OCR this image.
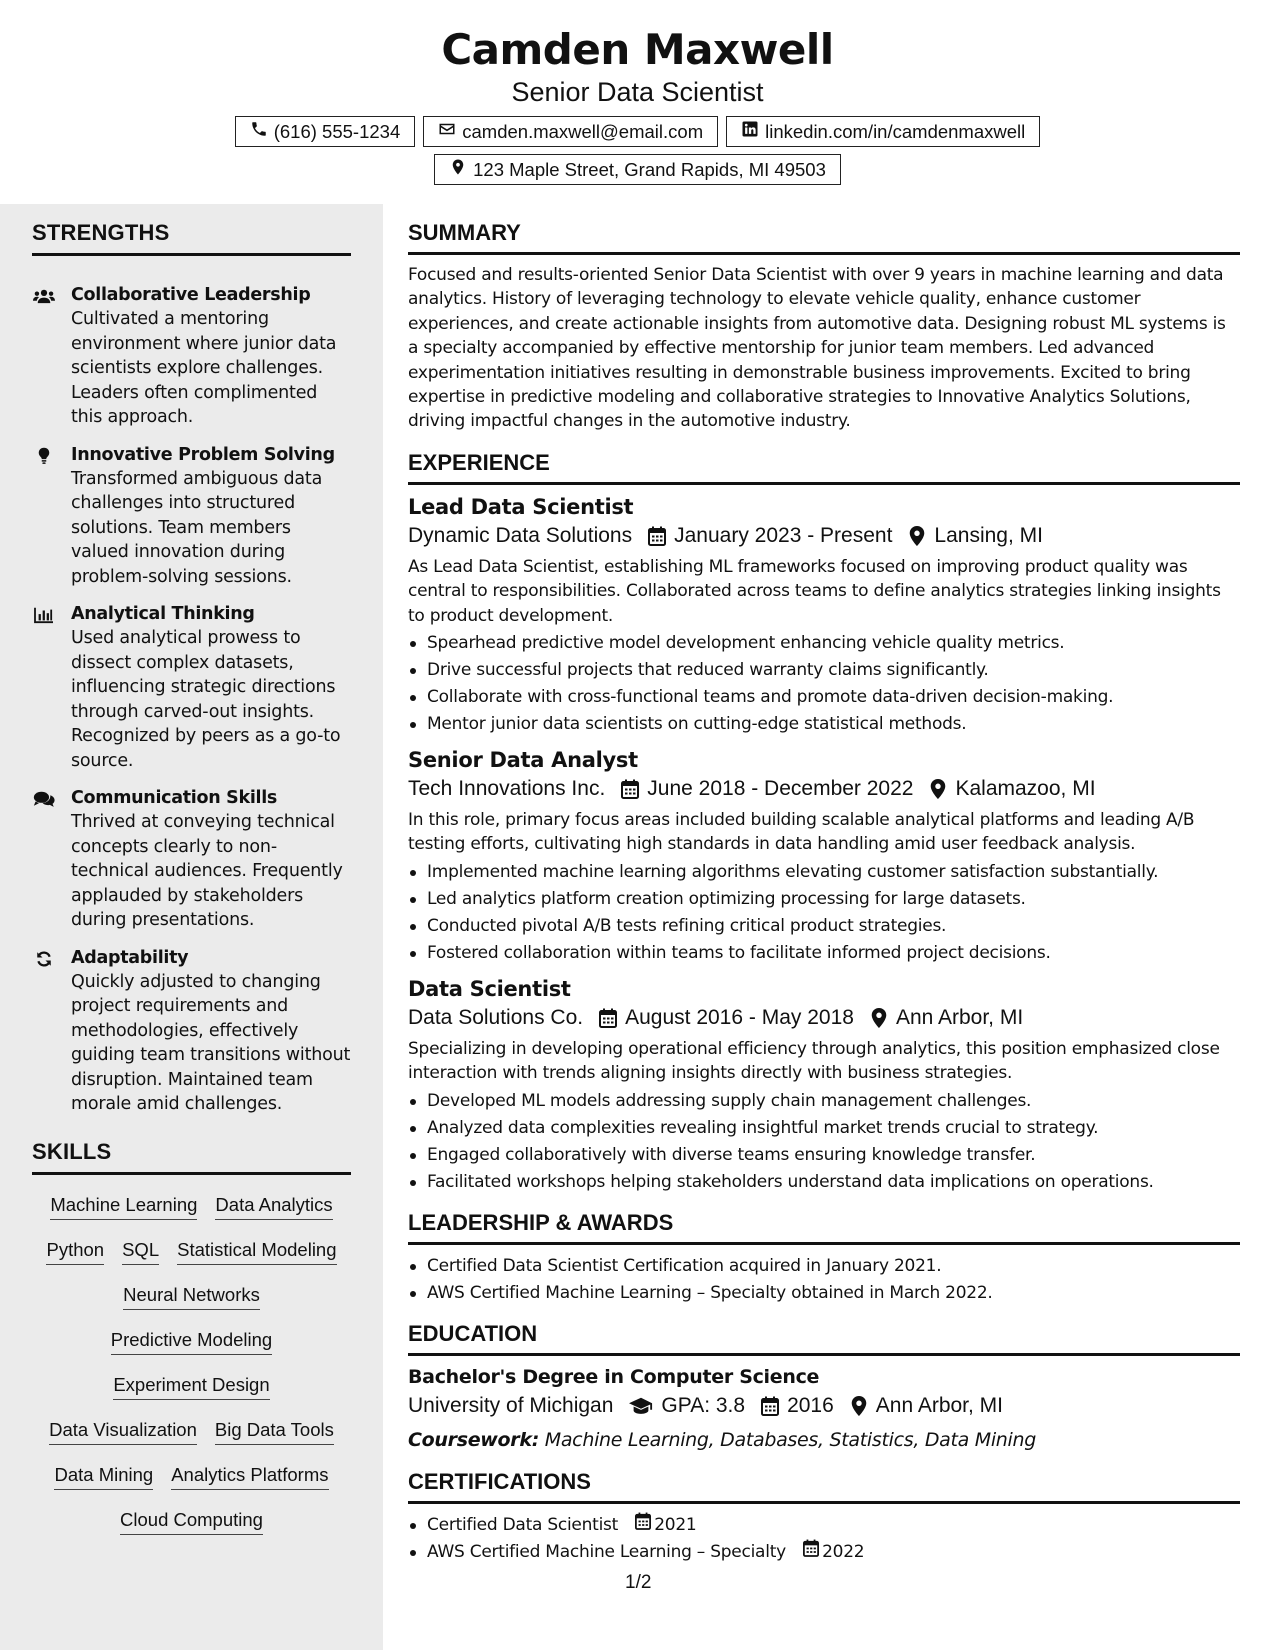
Camden Maxwell
Senior Data Scientist
(616) 555-1234	camden.maxwell@email.com	linkedin.com/in/camdenmaxwell
123 Maple Street, Grand Rapids, MI 49503
STRENGTHS
Collaborative Leadership
Cultivated a mentoring environment where junior data scientists explore challenges. Leaders often complimented this approach.
Innovative Problem Solving
Transformed ambiguous data challenges into structured solutions. Team members valued innovation during problem-solving sessions.
Analytical Thinking
Used analytical prowess to dissect complex datasets, influencing strategic directions through carved-out insights. Recognized by peers as a go-to source.
Communication Skills
Thrived at conveying technical concepts clearly to non-technical audiences. Frequently applauded by stakeholders during presentations.
Adaptability
Quickly adjusted to changing project requirements and methodologies, effectively guiding team transitions without disruption. Maintained team morale amid challenges.
SKILLS
Machine Learning Data Analytics
Python SQL Statistical Modeling
Neural Networks
Predictive Modeling
Experiment Design
Data Visualization Big Data Tools
Data Mining Analytics Platforms
Cloud Computing
SUMMARY
Focused and results-oriented Senior Data Scientist with over 9 years in machine learning and data analytics. History of leveraging technology to elevate vehicle quality, enhance customer experiences, and create actionable insights from automotive data. Designing robust ML systems is a specialty accompanied by effective mentorship for junior team members. Led advanced experimentation initiatives resulting in demonstrable business improvements. Excited to bring expertise in predictive modeling and collaborative strategies to Innovative Analytics Solutions, driving impactful changes in the automotive industry.
EXPERIENCE
Lead Data Scientist
Dynamic Data Solutions January 2023 - Present Lansing, MI
As Lead Data Scientist, establishing ML frameworks focused on improving product quality was central to responsibilities. Collaborated across teams to define analytics strategies linking insights to product development.
Spearhead predictive model development enhancing vehicle quality metrics.
Drive successful projects that reduced warranty claims significantly.
Collaborate with cross-functional teams and promote data-driven decision-making.
Mentor junior data scientists on cutting-edge statistical methods.
Senior Data Analyst
Tech Innovations Inc. June 2018 - December 2022 Kalamazoo, MI
In this role, primary focus areas included building scalable analytical platforms and leading A/B testing efforts, cultivating high standards in data handling amid user feedback analysis.
Implemented machine learning algorithms elevating customer satisfaction substantially.
Led analytics platform creation optimizing processing for large datasets.
Conducted pivotal A/B tests refining critical product strategies.
Fostered collaboration within teams to facilitate informed project decisions.
Data Scientist
Data Solutions Co. August 2016 - May 2018 Ann Arbor, MI
Specializing in developing operational efficiency through analytics, this position emphasized close interaction with trends aligning insights directly with business strategies.
Developed ML models addressing supply chain management challenges.
Analyzed data complexities revealing insightful market trends crucial to strategy.
Engaged collaboratively with diverse teams ensuring knowledge transfer.
Facilitated workshops helping stakeholders understand data implications on operations.
LEADERSHIP & AWARDS
Certified Data Scientist Certification acquired in January 2021.
AWS Certified Machine Learning – Specialty obtained in March 2022.
EDUCATION
Bachelor's Degree in Computer Science
University of Michigan GPA: 3.8 2016 Ann Arbor, MI
Coursework: Machine Learning, Databases, Statistics, Data Mining
CERTIFICATIONS
Certified Data Scientist 2021
AWS Certified Machine Learning – Specialty 2022
1/2
